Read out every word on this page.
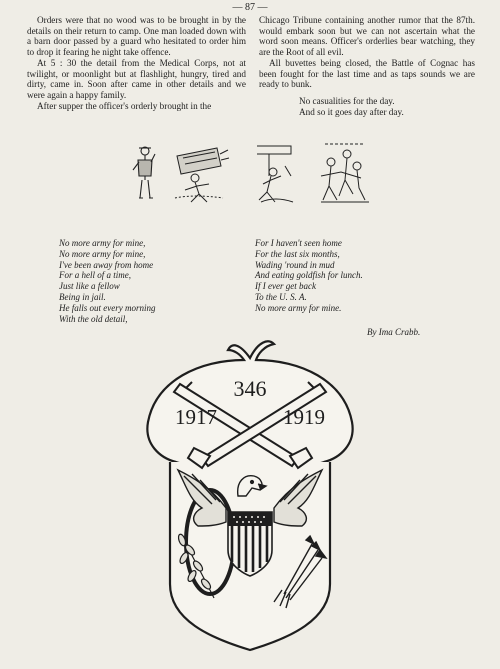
— 87 —

Orders were that no wood was to be brought in by the details on their return to camp. One man loaded down with a barn door passed by a guard who hesitated to order him to drop it fearing he night take offence.

At 5 : 30 the detail from the Medical Corps, not at twilight, or moonlight but at flashlight, hungry, tired and dirty, came in. Soon after came in other details and we were again a happy family.

After supper the officer's orderly brought in the

Chicago Tribune containing another rumor that the 87th. would embark soon but we can not ascertain what the word soon means. Officer's orderlies bear watching, they are the Root of all evil.

All buvettes being closed, the Battle of Cognac has been fought for the last time and as taps sounds we are ready to bunk.

No casualities for the day.

And so it goes day after day.

No more army for mine,
No more army for mine,
I've been away from home
For a hell of a time,
Just like a fellow
Being in jail.
He falls out every morning
With the old detail,
For I haven't seen home
For the last six months,
Wading 'round in mud
And eating goldfish for lunch.
If I ever get back
To the U. S. A.
No more army for mine.
By Ima Crabb.
346
1917	1919
